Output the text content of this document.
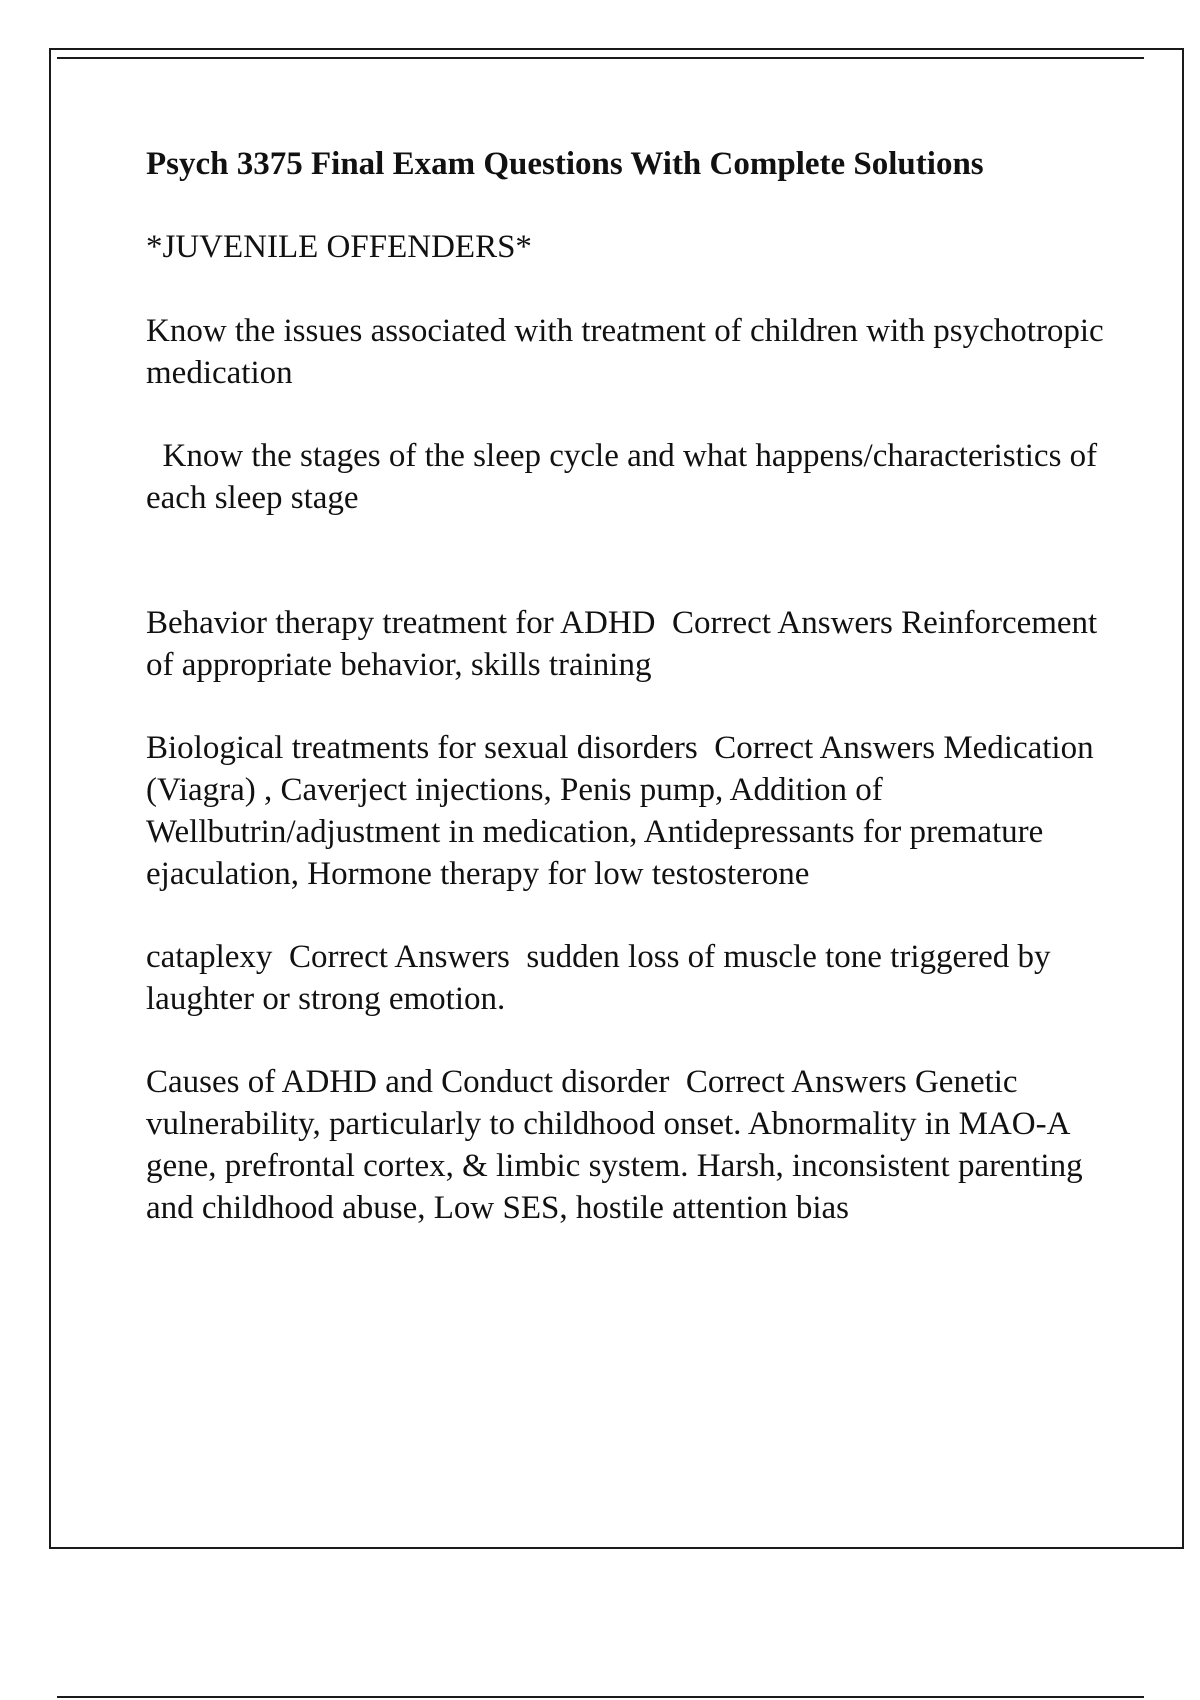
Psych 3375 Final Exam Questions With Complete Solutions
*JUVENILE OFFENDERS*
Know the issues associated with treatment of children with psychotropic medication
Know the stages of the sleep cycle and what happens/characteristics of each sleep stage
Behavior therapy treatment for ADHD Correct Answers Reinforcement of appropriate behavior, skills training
Biological treatments for sexual disorders Correct Answers Medication (Viagra) , Caverject injections, Penis pump, Addition of Wellbutrin/adjustment in medication, Antidepressants for premature ejaculation, Hormone therapy for low testosterone
cataplexy Correct Answers sudden loss of muscle tone triggered by laughter or strong emotion.
Causes of ADHD and Conduct disorder Correct Answers Genetic vulnerability, particularly to childhood onset. Abnormality in MAO-A gene, prefrontal cortex, & limbic system. Harsh, inconsistent parenting and childhood abuse, Low SES, hostile attention bias
